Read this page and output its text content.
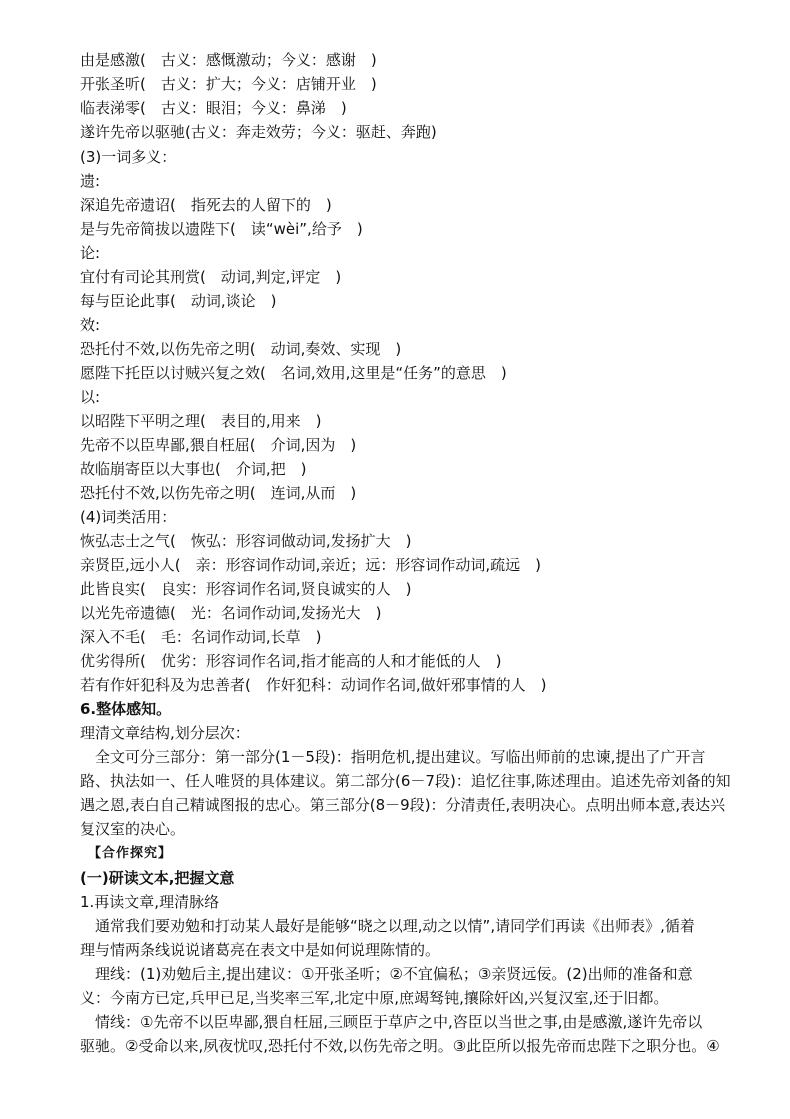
由是感激(　古义：感慨激动；今义：感谢　)
开张圣听(　古义：扩大；今义：店铺开业　)
临表涕零(　古义：眼泪；今义：鼻涕　)
遂许先帝以驱驰(古义：奔走效劳；今义：驱赶、奔跑)
(3)一词多义：
遗:
深追先帝遗诏(　指死去的人留下的　)
是与先帝简拔以遗陛下(　读“wèi”,给予　)
论:
宜付有司论其刑赏(　动词,判定,评定　)
每与臣论此事(　动词,谈论　)
效:
恐托付不效,以伤先帝之明(　动词,奏效、实现　)
愿陛下托臣以讨贼兴复之效(　名词,效用,这里是“任务”的意思　)
以:
以昭陛下平明之理(　表目的,用来　)
先帝不以臣卑鄙,猥自枉屈(　介词,因为　)
故临崩寄臣以大事也(　介词,把　)
恐托付不效,以伤先帝之明(　连词,从而　)
(4)词类活用：
恢弘志士之气(　恢弘：形容词做动词,发扬扩大　)
亲贤臣,远小人(　亲：形容词作动词,亲近；远：形容词作动词,疏远　)
此皆良实(　良实：形容词作名词,贤良诚实的人　)
以光先帝遗德(　光：名词作动词,发扬光大　)
深入不毛(　毛：名词作动词,长草　)
优劣得所(　优劣：形容词作名词,指才能高的人和才能低的人　)
若有作奸犯科及为忠善者(　作奸犯科：动词作名词,做奸邪事情的人　)
6.整体感知。
理清文章结构,划分层次：
　全文可分三部分：第一部分(1－5段)：指明危机,提出建议。写临出师前的忠谏,提出了广开言
路、执法如一、任人唯贤的具体建议。第二部分(6－7段)：追忆往事,陈述理由。追述先帝刘备的知
遇之恩,表白自己精诚图报的忠心。第三部分(8－9段)：分清责任,表明决心。点明出师本意,表达兴
复汉室的决心。
【合作探究】
(一)研读文本,把握文意
1.再读文章,理清脉络
　通常我们要劝勉和打动某人最好是能够“晓之以理,动之以情”,请同学们再读《出师表》,循着
理与情两条线说说诸葛亮在表文中是如何说理陈情的。
　理线：(1)劝勉后主,提出建议：①开张圣听；②不宜偏私；③亲贤远佞。(2)出师的准备和意
义：今南方已定,兵甲已足,当奖率三军,北定中原,庶竭驽钝,攘除奸凶,兴复汉室,还于旧都。
　情线：①先帝不以臣卑鄙,猥自枉屈,三顾臣于草庐之中,咨臣以当世之事,由是感激,遂许先帝以
驱驰。②受命以来,夙夜忧叹,恐托付不效,以伤先帝之明。③此臣所以报先帝而忠陛下之职分也。④
